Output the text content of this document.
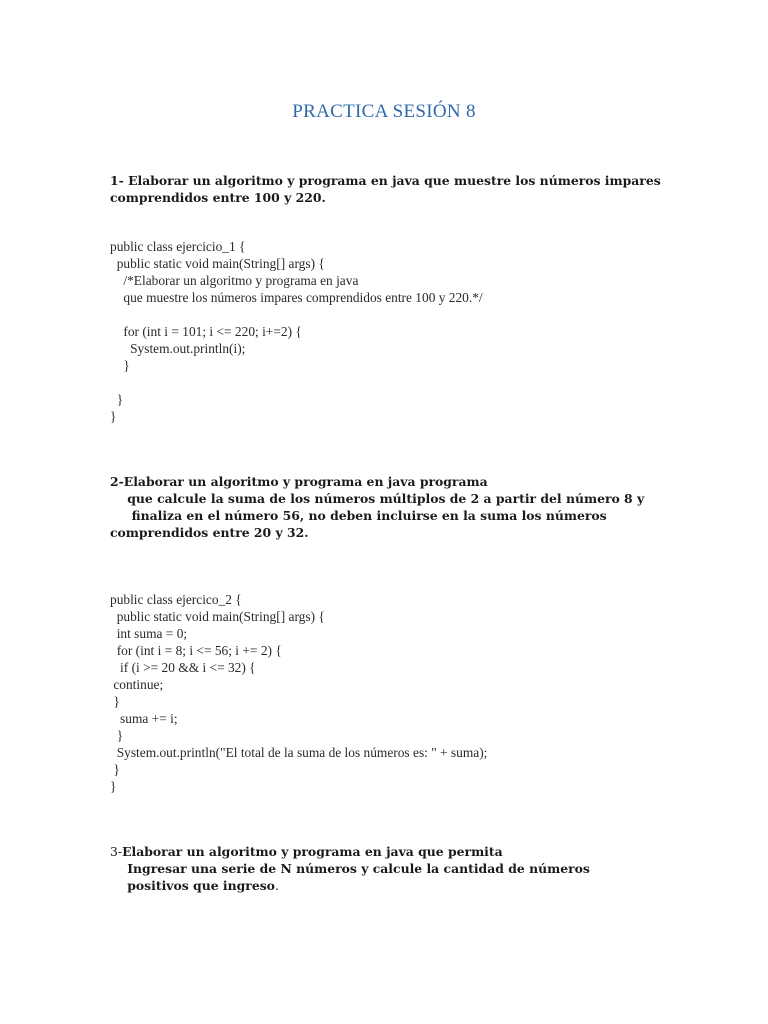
PRACTICA SESIÓN 8
1- Elaborar un algoritmo y programa en java que muestre los números impares
comprendidos entre 100 y 220.
public class ejercicio_1 {
public static void main(String[] args) {
/*Elaborar un algoritmo y programa en java
que muestre los números impares comprendidos entre 100 y 220.*/

for (int i = 101; i <= 220; i+=2) {
System.out.println(i);
}

}
}
2-Elaborar un algoritmo y programa en java programa
que calcule la suma de los números múltiplos de 2 a partir del número 8 y
finaliza en el número 56, no deben incluirse en la suma los números
comprendidos entre 20 y 32.
public class ejercico_2 {
public static void main(String[] args) {
int suma = 0;
for (int i = 8; i <= 56; i += 2) {
if (i >= 20 && i <= 32) {
continue;
}
suma += i;
}
System.out.println("El total de la suma de los números es: " + suma);
}
}
3-Elaborar un algoritmo y programa en java que permita
Ingresar una serie de N números y calcule la cantidad de números
positivos que ingreso.
